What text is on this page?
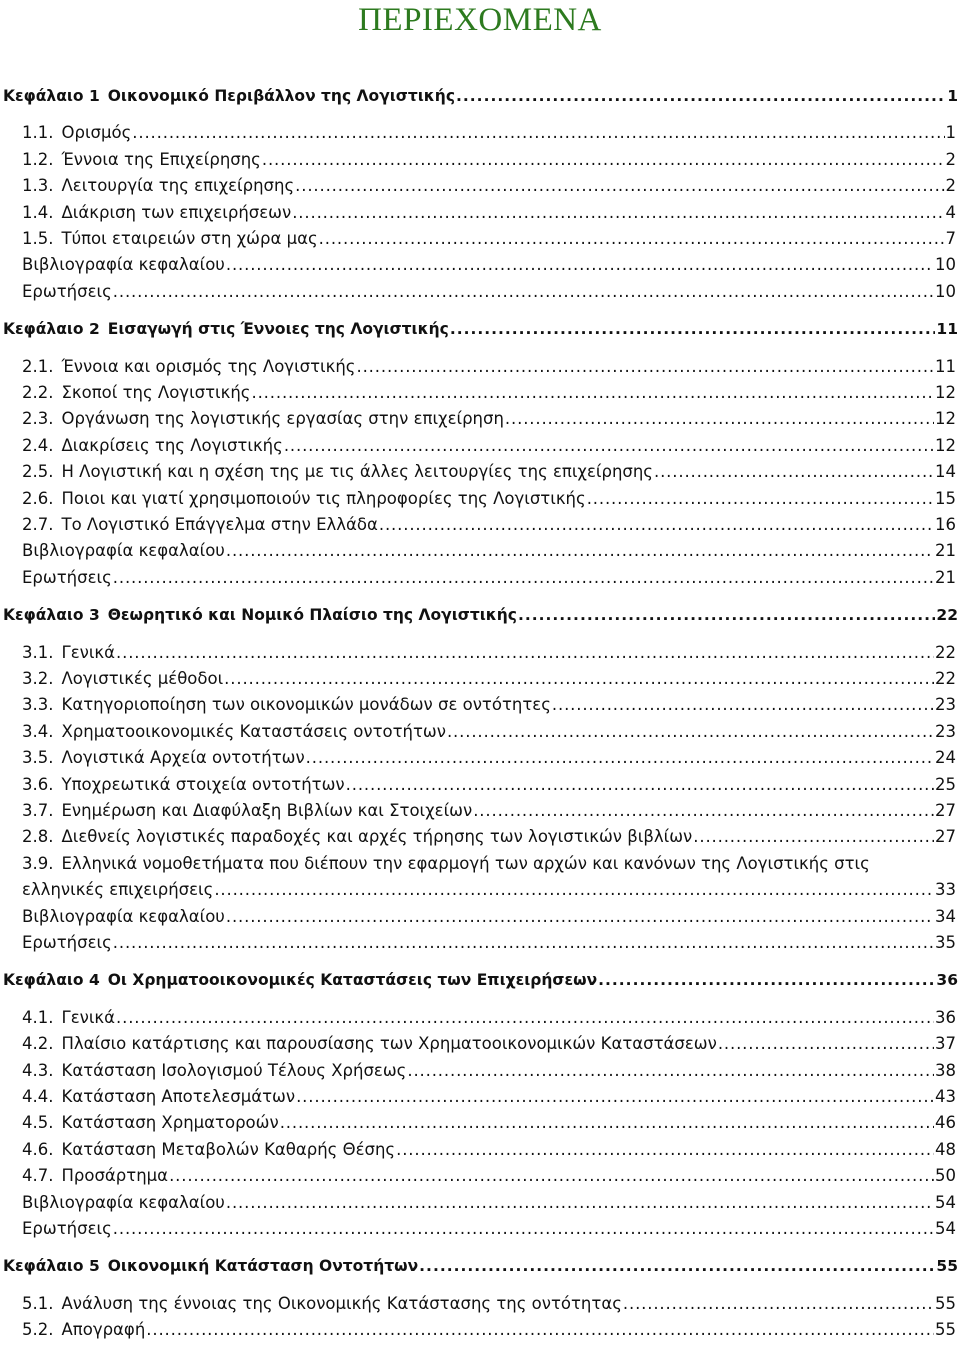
ΠΕΡΙΕΧΟΜΕΝΑ
Κεφάλαιο 1 Οικονομικό Περιβάλλον της Λογιστικής . . .	1
1.1. Ορισμός . . .	1
1.2. Έννοια της Επιχείρησης . . .	2
1.3. Λειτουργία της επιχείρησης . . .	2
1.4. Διάκριση των επιχειρήσεων . . .	4
1.5. Τύποι εταιρειών στη χώρα μας . . .	7
Βιβλιογραφία κεφαλαίου . . .	10
Ερωτήσεις . . .	10
Κεφάλαιο 2 Εισαγωγή στις Έννοιες της Λογιστικής . . .	11
2.1. Έννοια και ορισμός της Λογιστικής . . .	11
2.2. Σκοποί της Λογιστικής . . .	12
2.3. Οργάνωση της λογιστικής εργασίας στην επιχείρηση . . .	12
2.4. Διακρίσεις της Λογιστικής . . .	12
2.5. Η Λογιστική και η σχέση της με τις άλλες λειτουργίες της επιχείρησης . . .	14
2.6. Ποιοι και γιατί χρησιμοποιούν τις πληροφορίες της Λογιστικής . . .	15
2.7. Το Λογιστικό Επάγγελμα στην Ελλάδα . . .	16
Βιβλιογραφία κεφαλαίου . . .	21
Ερωτήσεις . . .	21
Κεφάλαιο 3 Θεωρητικό και Νομικό Πλαίσιο της Λογιστικής . . .	22
3.1. Γενικά . . .	22
3.2. Λογιστικές μέθοδοι . . .	22
3.3. Κατηγοριοποίηση των οικονομικών μονάδων σε οντότητες . . .	23
3.4. Χρηματοοικονομικές Καταστάσεις οντοτήτων . . .	23
3.5. Λογιστικά Αρχεία οντοτήτων . . .	24
3.6. Υποχρεωτικά στοιχεία οντοτήτων . . .	25
3.7. Ενημέρωση και Διαφύλαξη Βιβλίων και Στοιχείων . . .	27
2.8. Διεθνείς λογιστικές παραδοχές και αρχές τήρησης των λογιστικών βιβλίων . . .	27
3.9. Ελληνικά νομοθετήματα που διέπουν την εφαρμογή των αρχών και κανόνων της Λογιστικής στις
ελληνικές επιχειρήσεις . . .	33
Βιβλιογραφία κεφαλαίου . . .	34
Ερωτήσεις . . .	35
Κεφάλαιο 4 Οι Χρηματοοικονομικές Καταστάσεις των Επιχειρήσεων . . .	36
4.1. Γενικά . . .	36
4.2. Πλαίσιο κατάρτισης και παρουσίασης των Χρηματοοικονομικών Καταστάσεων . . .	37
4.3. Κατάσταση Ισολογισμού Τέλους Χρήσεως . . .	38
4.4. Κατάσταση Αποτελεσμάτων . . .	43
4.5. Κατάσταση Χρηματοροών . . .	46
4.6. Κατάσταση Μεταβολών Καθαρής Θέσης . . .	48
4.7. Προσάρτημα . . .	50
Βιβλιογραφία κεφαλαίου . . .	54
Ερωτήσεις . . .	54
Κεφάλαιο 5 Οικονομική Κατάσταση Οντοτήτων . . .	55
5.1. Ανάλυση της έννοιας της Οικονομικής Κατάστασης της οντότητας . . .	55
5.2. Απογραφή . . .	55
